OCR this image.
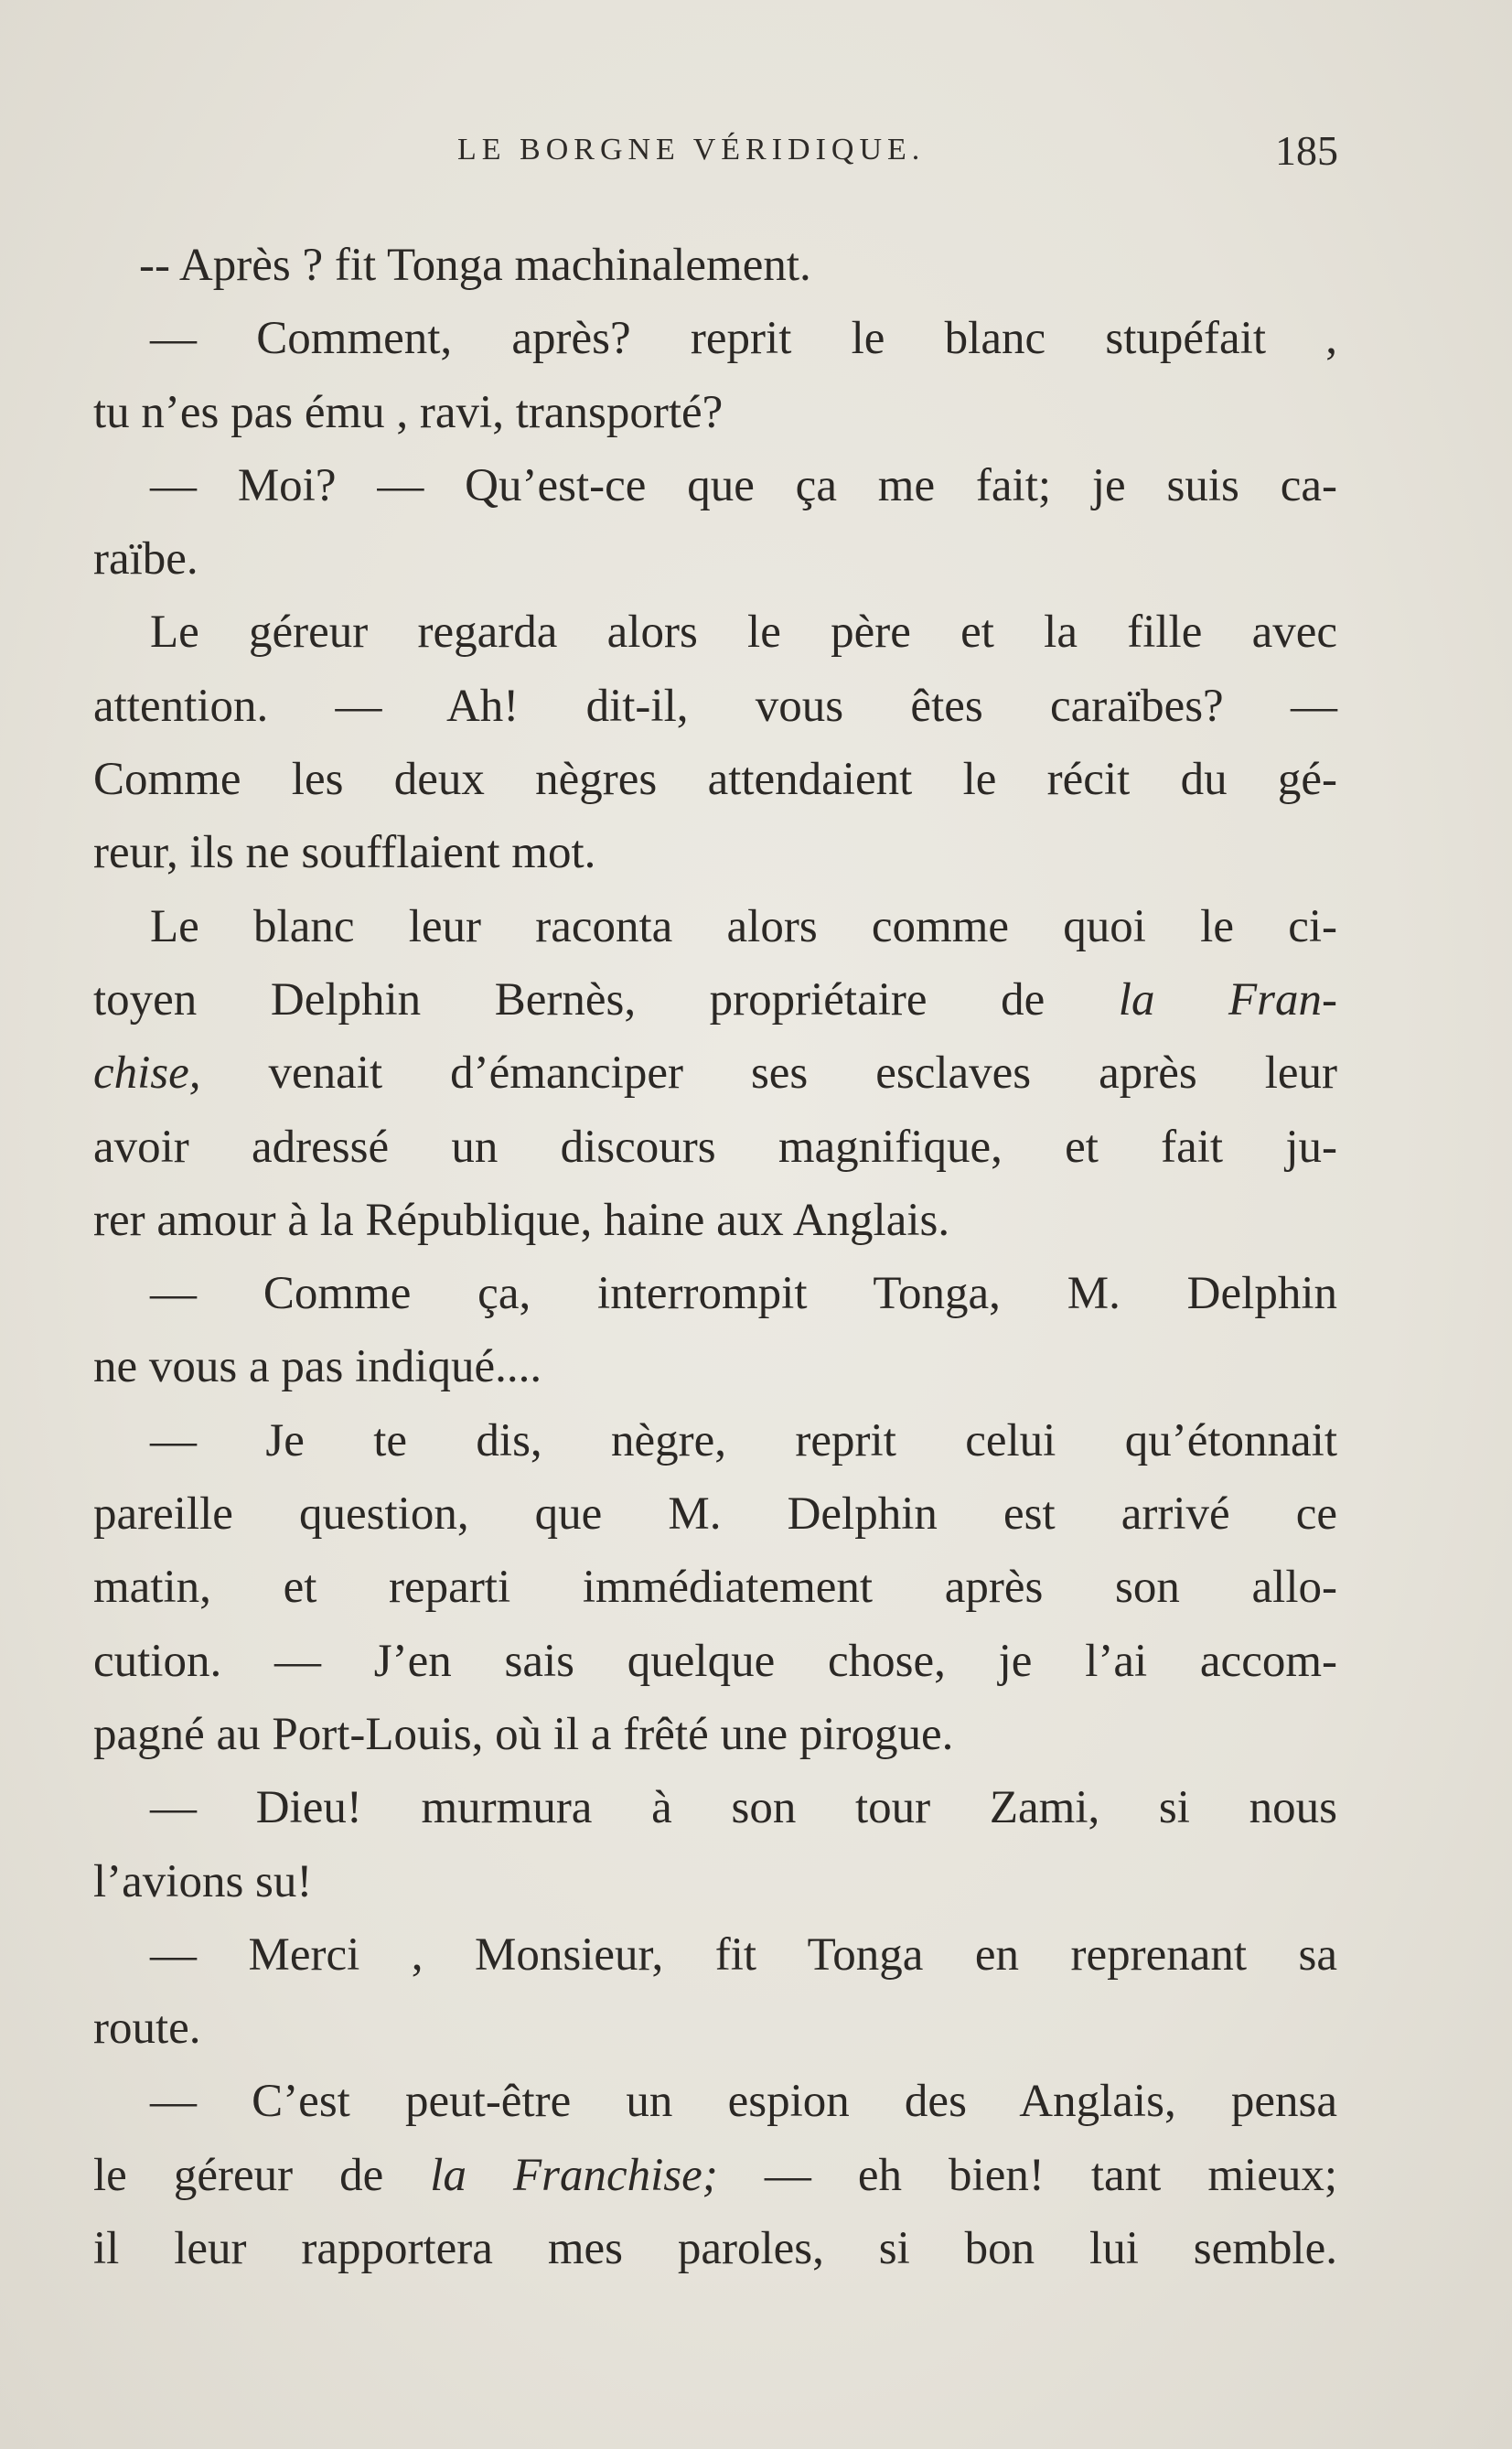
LE BORGNE VÉRIDIQUE.	185
-- Après ? fit Tonga machinalement.
— Comment, après? reprit le blanc stupéfait ,
tu n’es pas ému , ravi, transporté?
— Moi? — Qu’est-ce que ça me fait; je suis ca-
raïbe.
Le géreur regarda alors le père et la fille avec
attention. — Ah! dit-il, vous êtes caraïbes? —
Comme les deux nègres attendaient le récit du gé-
reur, ils ne soufflaient mot.
Le blanc leur raconta alors comme quoi le ci-
toyen Delphin Bernès, propriétaire de la Fran-
chise, venait d’émanciper ses esclaves après leur
avoir adressé un discours magnifique, et fait ju-
rer amour à la République, haine aux Anglais.
— Comme ça, interrompit Tonga, M. Delphin
ne vous a pas indiqué....
— Je te dis, nègre, reprit celui qu’étonnait
pareille question, que M. Delphin est arrivé ce
matin, et reparti immédiatement après son allo-
cution. — J’en sais quelque chose, je l’ai accom-
pagné au Port-Louis, où il a frêté une pirogue.
— Dieu! murmura à son tour Zami, si nous
l’avions su!
— Merci , Monsieur, fit Tonga en reprenant sa
route.
— C’est peut-être un espion des Anglais, pensa
le géreur de la Franchise; — eh bien! tant mieux;
il leur rapportera mes paroles, si bon lui semble.
